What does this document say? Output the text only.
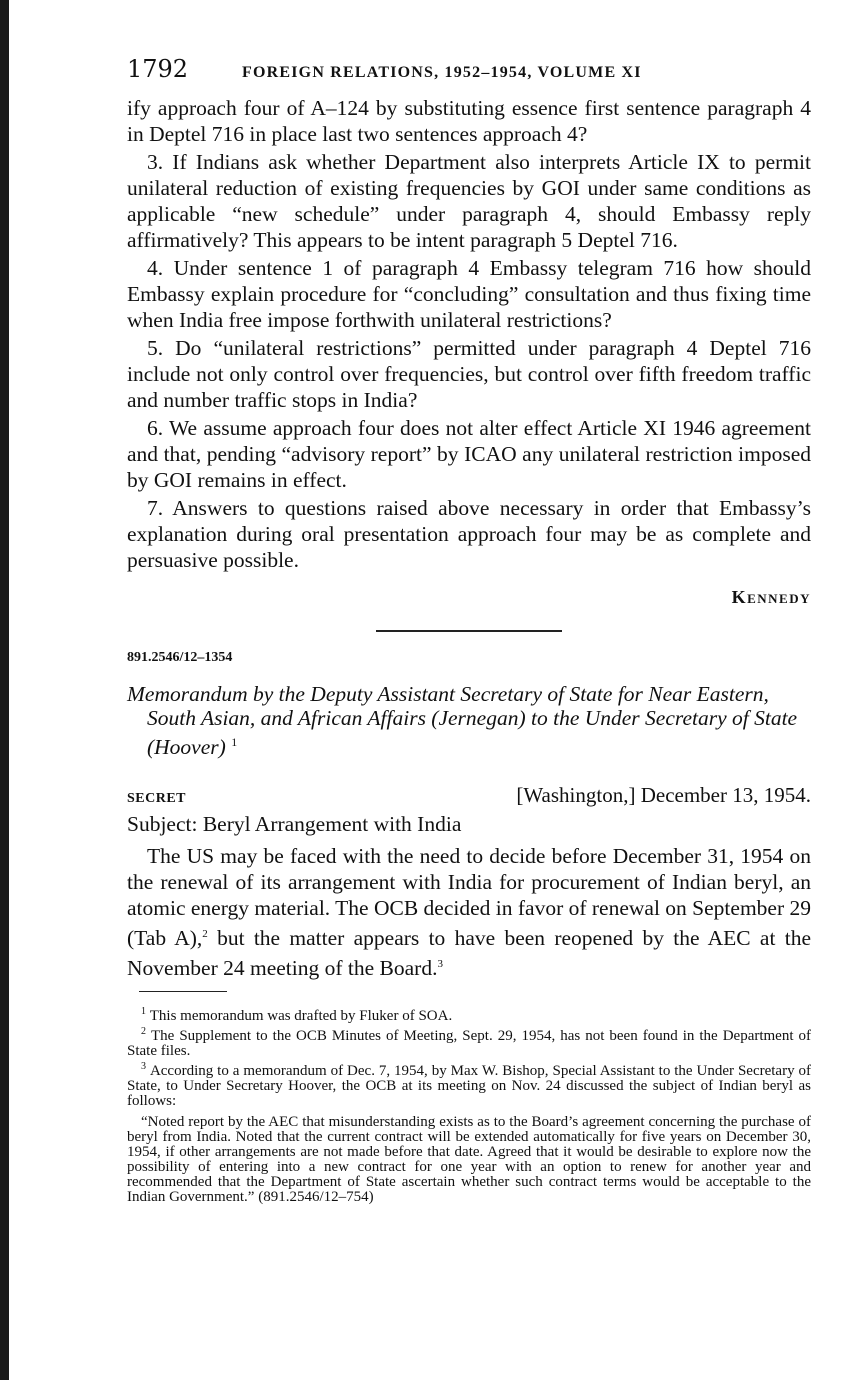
1792	FOREIGN RELATIONS, 1952–1954, VOLUME XI

ify approach four of A–124 by substituting essence first sentence paragraph 4 in Deptel 716 in place last two sentences approach 4?

3. If Indians ask whether Department also interprets Article IX to permit unilateral reduction of existing frequencies by GOI under same conditions as applicable “new schedule” under paragraph 4, should Embassy reply affirmatively? This appears to be intent paragraph 5 Deptel 716.

4. Under sentence 1 of paragraph 4 Embassy telegram 716 how should Embassy explain procedure for “concluding” consultation and thus fixing time when India free impose forthwith unilateral restrictions?

5. Do “unilateral restrictions” permitted under paragraph 4 Deptel 716 include not only control over frequencies, but control over fifth freedom traffic and number traffic stops in India?

6. We assume approach four does not alter effect Article XI 1946 agreement and that, pending “advisory report” by ICAO any unilateral restriction imposed by GOI remains in effect.

7. Answers to questions raised above necessary in order that Embassy’s explanation during oral presentation approach four may be as complete and persuasive possible.

Kennedy
891.2546/12–1354
Memorandum by the Deputy Assistant Secretary of State for Near Eastern, South Asian, and African Affairs (Jernegan) to the Under Secretary of State (Hoover) $^1$
SECRET	[Washington,] December 13, 1954.
Subject: Beryl Arrangement with India

The US may be faced with the need to decide before December 31, 1954 on the renewal of its arrangement with India for procurement of Indian beryl, an atomic energy material. The OCB decided in favor of renewal on September 29 (Tab A),$^2$ but the matter appears to have been reopened by the AEC at the November 24 meeting of the Board.$^3$

$^1$ This memorandum was drafted by Fluker of SOA.

$^2$ The Supplement to the OCB Minutes of Meeting, Sept. 29, 1954, has not been found in the Department of State files.

$^3$ According to a memorandum of Dec. 7, 1954, by Max W. Bishop, Special Assistant to the Under Secretary of State, to Under Secretary Hoover, the OCB at its meeting on Nov. 24 discussed the subject of Indian beryl as follows:

“Noted report by the AEC that misunderstanding exists as to the Board’s agreement concerning the purchase of beryl from India. Noted that the current contract will be extended automatically for five years on December 30, 1954, if other arrangements are not made before that date. Agreed that it would be desirable to explore now the possibility of entering into a new contract for one year with an option to renew for another year and recommended that the Department of State ascertain whether such contract terms would be acceptable to the Indian Government.” (891.2546/12–754)
